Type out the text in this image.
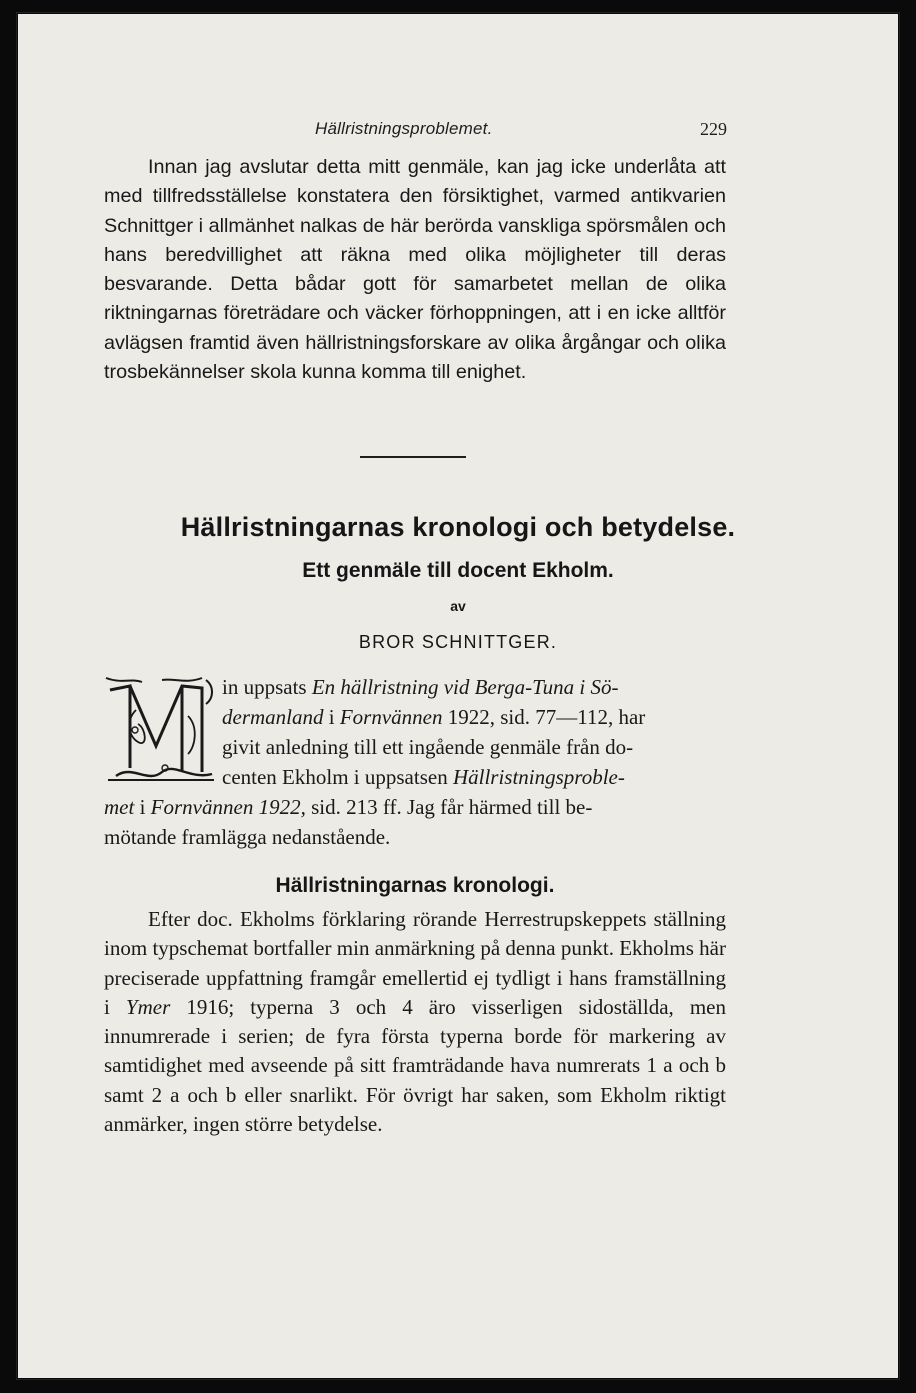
Hällristningsproblemet.	229

Innan jag avslutar detta mitt genmäle, kan jag icke underlåta att med tillfredsställelse konstatera den försiktighet, varmed antikvarien Schnittger i allmänhet nalkas de här berörda vanskliga spörsmålen och hans beredvillighet att räkna med olika möjligheter till deras besvarande. Detta bådar gott för samarbetet mellan de olika riktningarnas företrädare och väcker förhoppningen, att i en icke alltför avlägsen framtid även hällristningsforskare av olika årgångar och olika trosbekännelser skola kunna komma till enighet.

Hällristningarnas kronologi och betydelse.
Ett genmäle till docent Ekholm.
av
BROR SCHNITTGER.
in uppsats En hällristning vid Berga-Tuna i Sö-
dermanland i Fornvännen 1922, sid. 77—112, har
givit anledning till ett ingående genmäle från do-
centen Ekholm i uppsatsen Hällristningsproble-
met i Fornvännen 1922, sid. 213 ff. Jag får härmed till be-
mötande framlägga nedanstående.
Hällristningarnas kronologi.

Efter doc. Ekholms förklaring rörande Herrestrupskeppets ställning inom typschemat bortfaller min anmärkning på denna punkt. Ekholms här preciserade uppfattning framgår emellertid ej tydligt i hans framställning i Ymer 1916; typerna 3 och 4 äro visserligen sidoställda, men innumrerade i serien; de fyra första typerna borde för markering av samtidighet med avseende på sitt framträdande hava numrerats 1 a och b samt 2 a och b eller snarlikt. För övrigt har saken, som Ekholm riktigt anmärker, ingen större betydelse.
